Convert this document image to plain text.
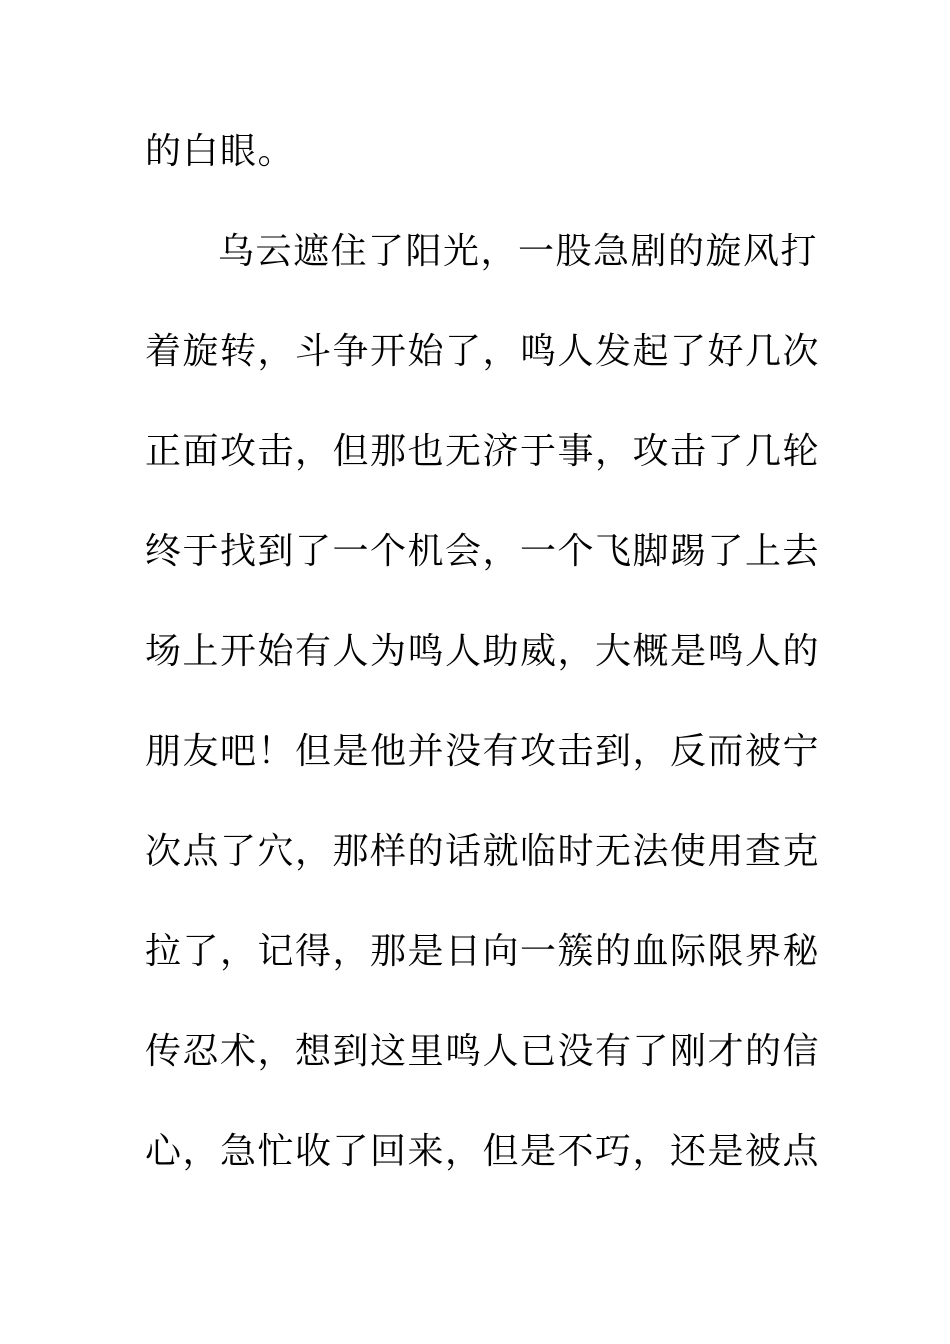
的白眼。
乌云遮住了阳光，一股急剧的旋风打
着旋转，斗争开始了，鸣人发起了好几次
正面攻击，但那也无济于事，攻击了几轮
终于找到了一个机会，一个飞脚踢了上去
场上开始有人为鸣人助威，大概是鸣人的
朋友吧！但是他并没有攻击到，反而被宁
次点了穴，那样的话就临时无法使用查克
拉了，记得，那是日向一簇的血际限界秘
传忍术，想到这里鸣人已没有了刚才的信
心，急忙收了回来，但是不巧，还是被点
